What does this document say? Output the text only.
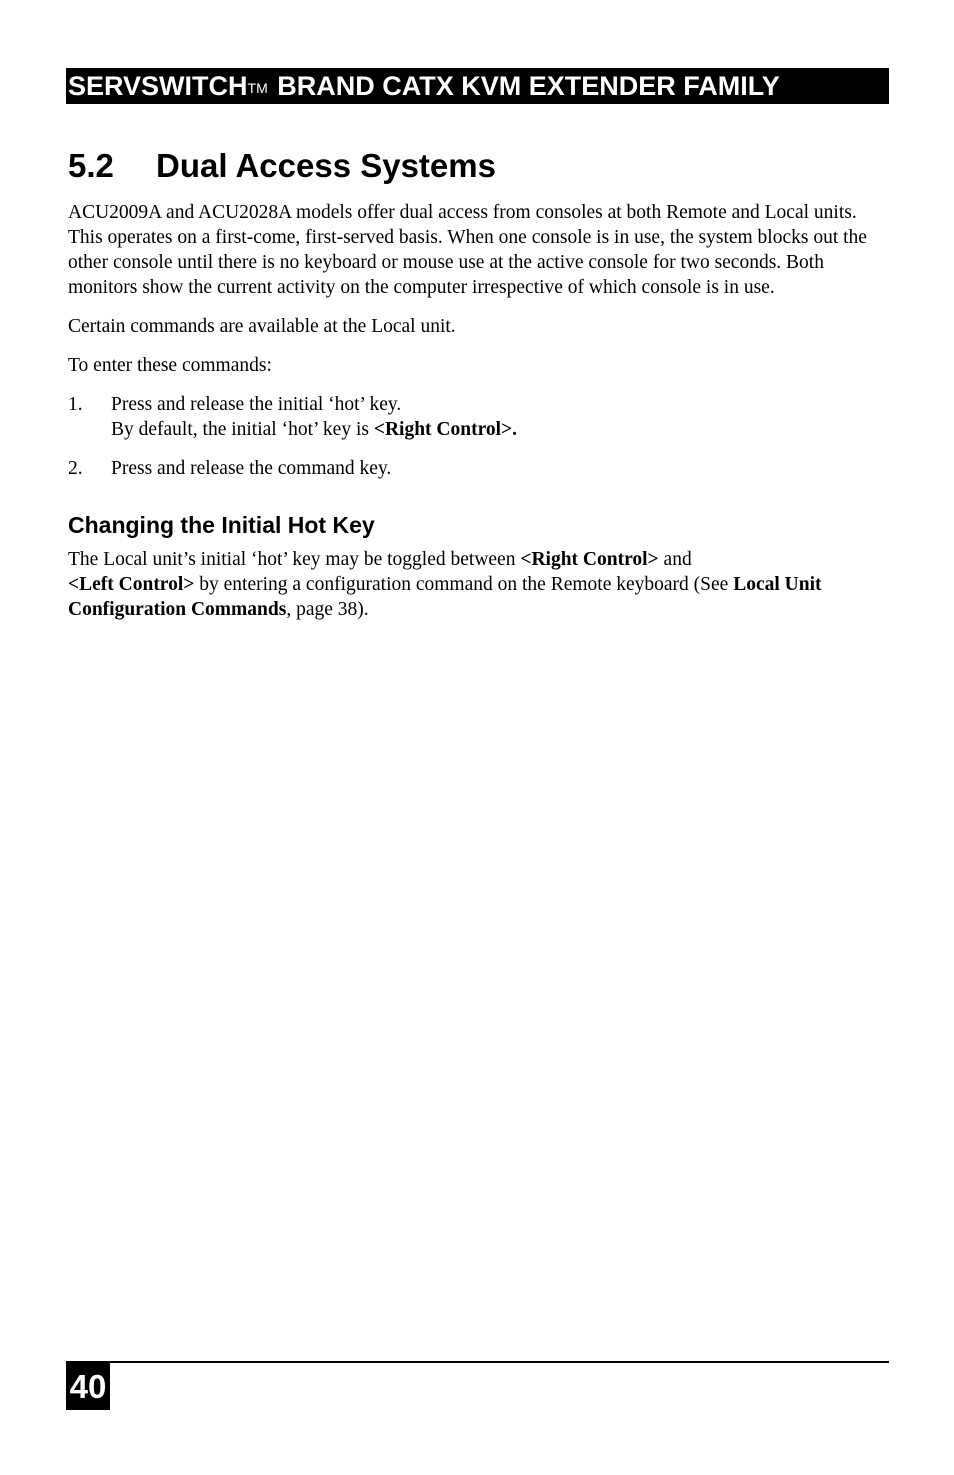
SERVSWITCHTM BRAND CATX KVM EXTENDER FAMILY
5.2 Dual Access Systems

ACU2009A and ACU2028A models offer dual access from consoles at both Remote and Local units. This operates on a first-come, first-served basis. When one console is in use, the system blocks out the other console until there is no keyboard or mouse use at the active console for two seconds. Both monitors show the current activity on the computer irrespective of which console is in use.

Certain commands are available at the Local unit.

To enter these commands:

1. Press and release the initial ‘hot’ key.
By default, the initial ‘hot’ key is <Right Control>.
2. Press and release the command key.
Changing the Initial Hot Key

The Local unit’s initial ‘hot’ key may be toggled between <Right Control> and
<Left Control> by entering a configuration command on the Remote keyboard (See Local Unit Configuration Commands, page 38).

40
